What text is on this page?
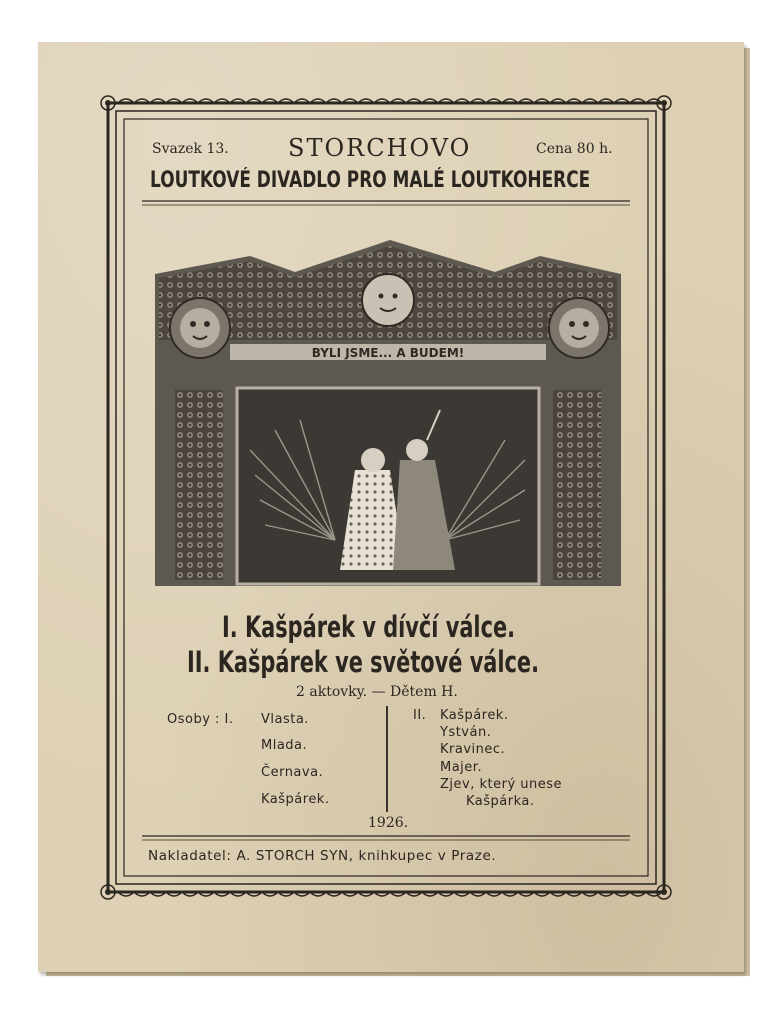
Svazek 13. STORCHOVO	Cena 80 h.
LOUTKOVÉ DIVADLO PRO MALÉ LOUTKOHERCE
BYLI JSME... A BUDEM!
I. Kašpárek v dívčí válce.
II. Kašpárek ve světové válce.
2 aktovky. — Dětem H.
Osoby : I. Vlasta.
Mlada.
Černava.
Kašpárek.
II. Kašpárek.
Ystván.
Kravinec.
Majer.
Zjev, který unese
Kašpárka.
1926.
Nakladatel: A. STORCH SYN, knihkupec v Praze.
